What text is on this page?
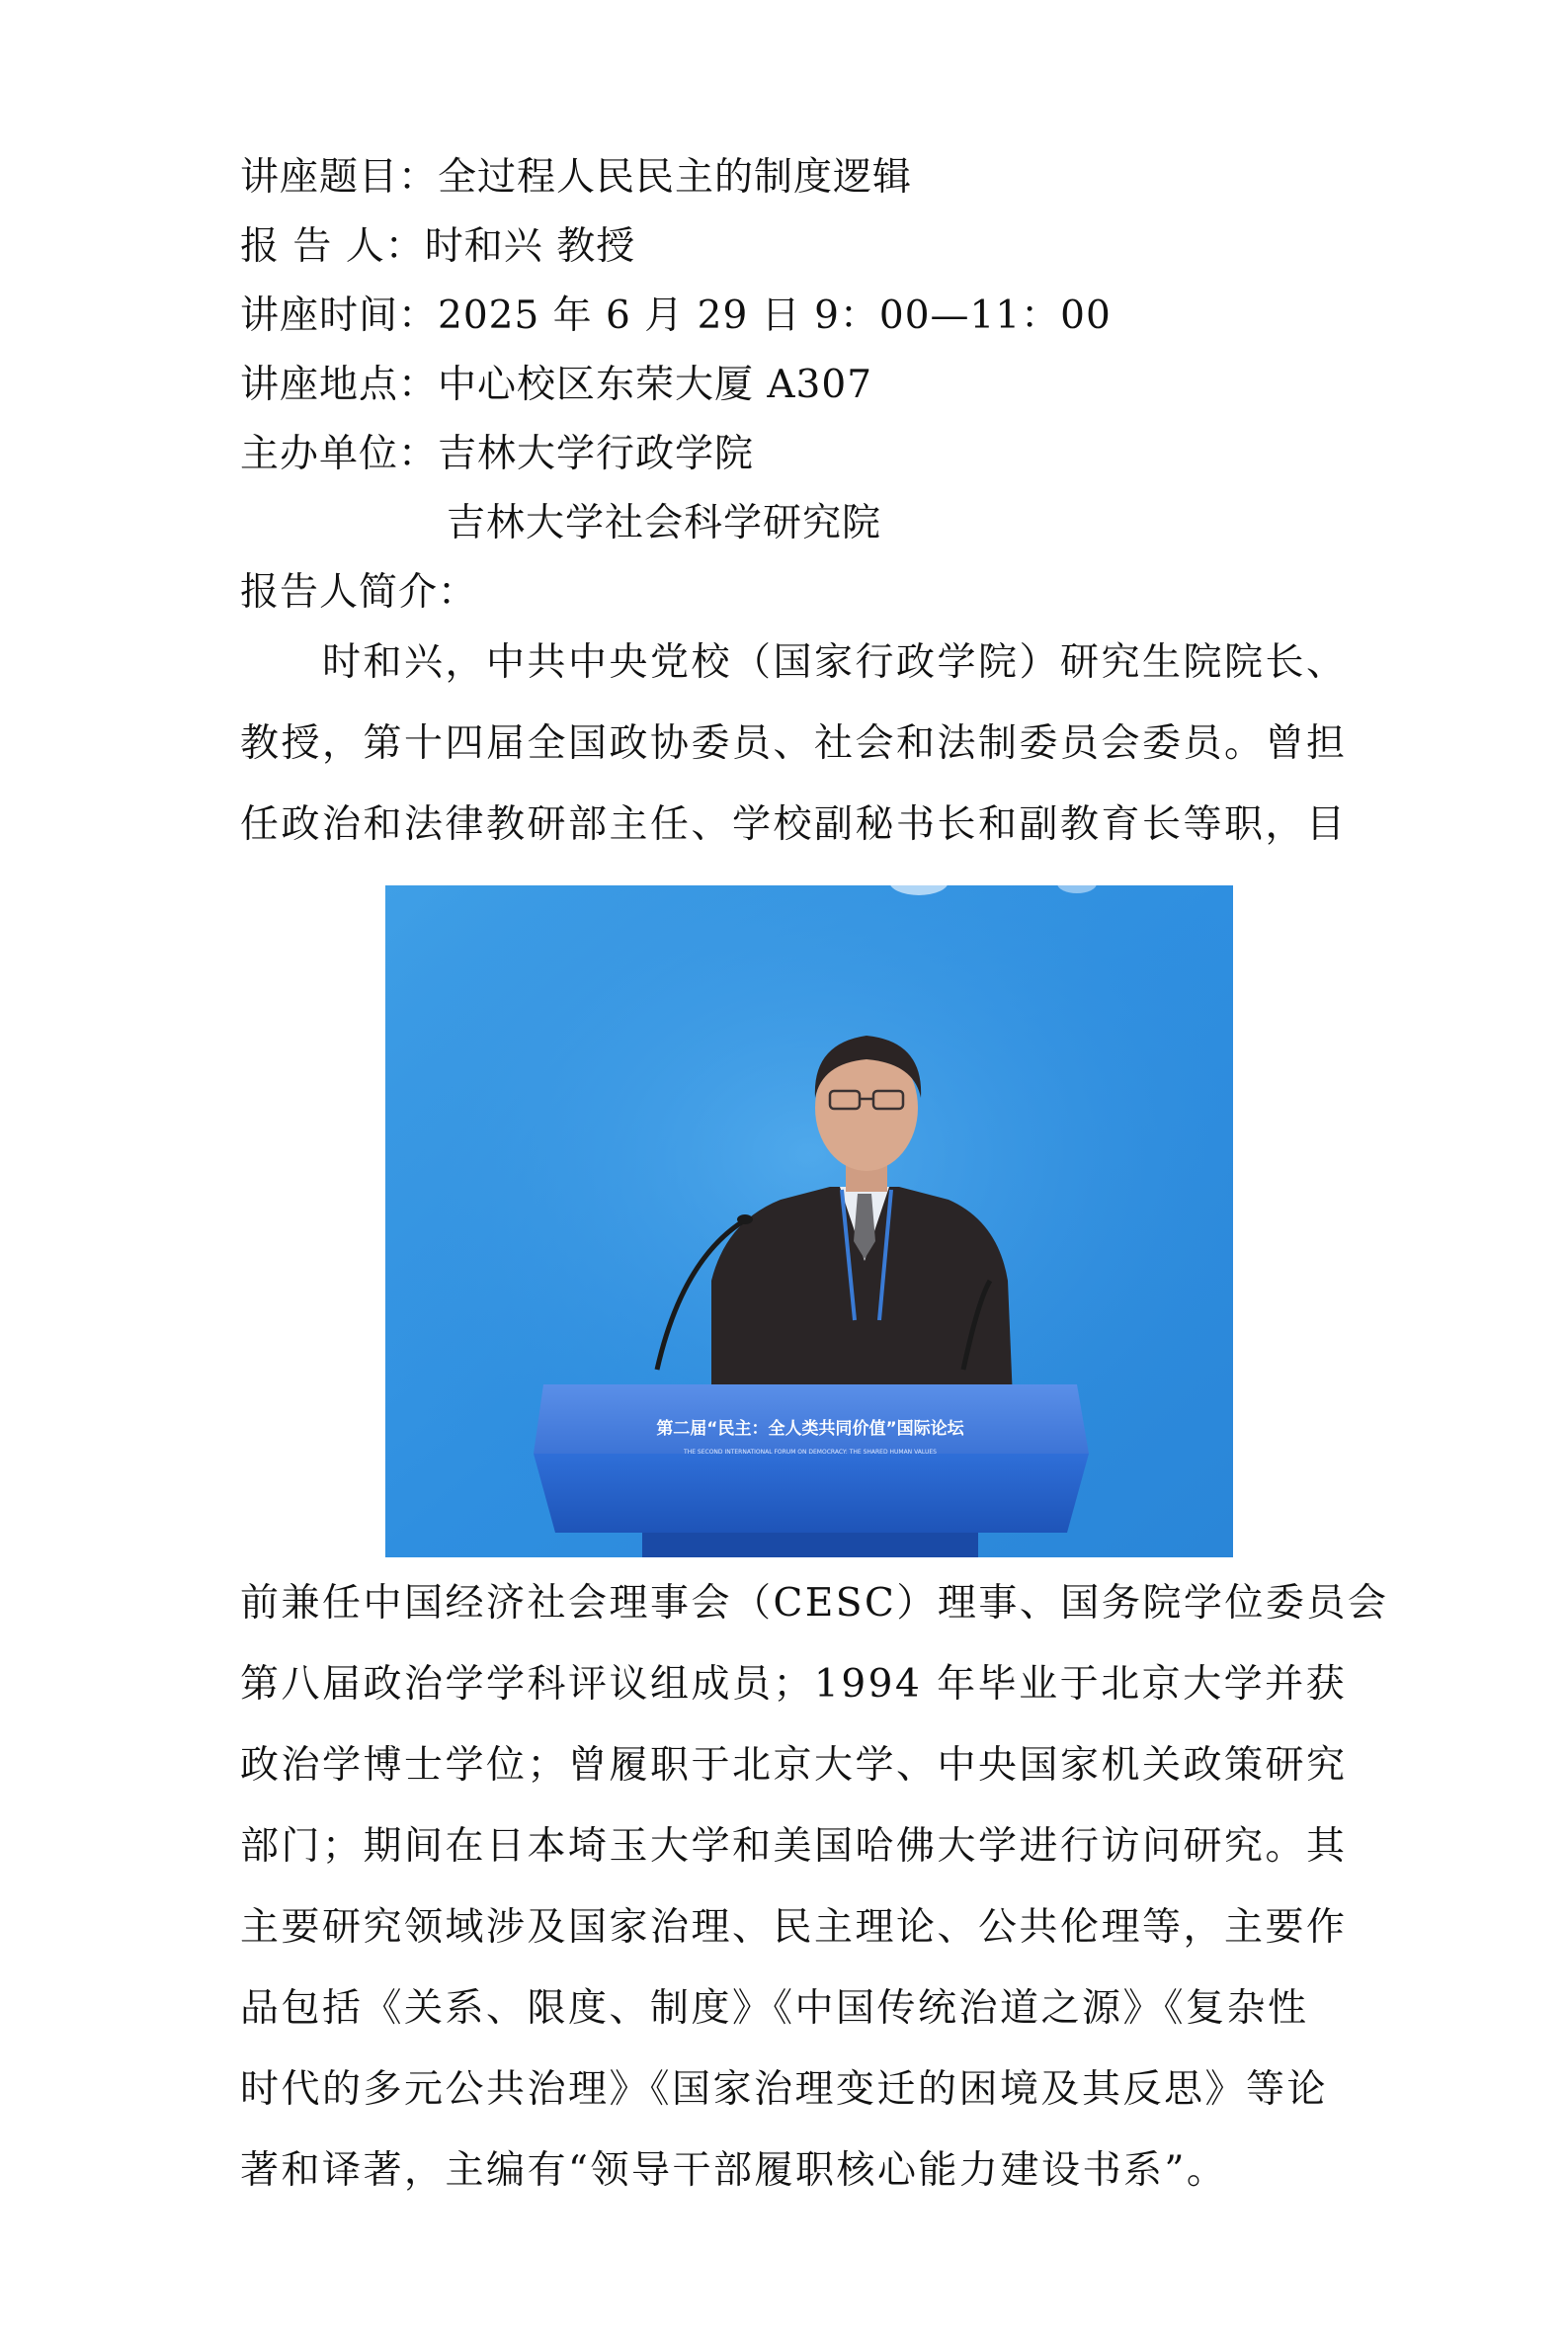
讲座题目：全过程人民民主的制度逻辑
报 告 人：时和兴 教授
讲座时间：2025 年 6 月 29 日 9：00—11：00
讲座地点：中心校区东荣大厦 A307
主办单位：吉林大学行政学院
吉林大学社会科学研究院
报告人简介：
　　时和兴，中共中央党校（国家行政学院）研究生院院长、
教授，第十四届全国政协委员、社会和法制委员会委员。曾担
任政治和法律教研部主任、学校副秘书长和副教育长等职，目
第二届“民主：全人类共同价值”国际论坛
THE SECOND INTERNATIONAL FORUM ON DEMOCRACY: THE SHARED HUMAN VALUES
前兼任中国经济社会理事会（CESC）理事、国务院学位委员会
第八届政治学学科评议组成员；1994 年毕业于北京大学并获
政治学博士学位；曾履职于北京大学、中央国家机关政策研究
部门；期间在日本埼玉大学和美国哈佛大学进行访问研究。其
主要研究领域涉及国家治理、民主理论、公共伦理等，主要作
品包括《关系、限度、制度》《中国传统治道之源》《复杂性
时代的多元公共治理》《国家治理变迁的困境及其反思》等论
著和译著，主编有“领导干部履职核心能力建设书系”。
